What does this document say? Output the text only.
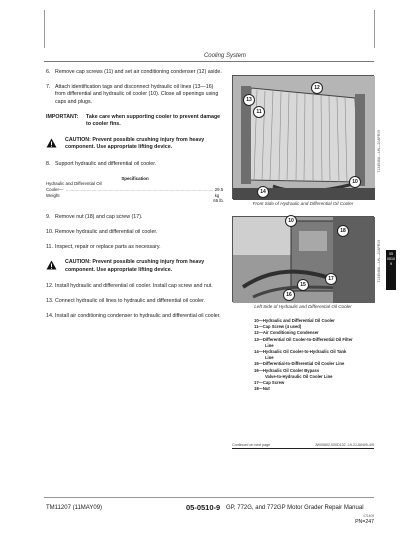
Cooling System
6. Remove cap screws (11) and set air conditioning condenser (12) aside.
7. Attach identification tags and disconnect hydraulic oil lines (13—16) from differential and hydraulic oil cooler (10). Close all openings using caps and plugs.
IMPORTANT:	Take care when supporting cooler to prevent damage to cooler fins.
CAUTION: Prevent possible crushing injury from heavy component. Use appropriate lifting device.
8. Support hydraulic and differential oil cooler.
Specification
Hydraulic and Differential Oil
Cooler—Weight
.......................................................................................................................... 29.5 kg
65 lb.
9. Remove nut (18) and cap screw (17).
10. Remove hydraulic and differential oil cooler.
11. Inspect, repair or replace parts as necessary.
CAUTION: Prevent possible crushing injury from heavy component. Use appropriate lifting device.
12. Install hydraulic and differential oil cooler. Install cap screw and nut.
13. Connect hydraulic oil lines to hydraulic and differential oil cooler.
14. Install air conditioning condenser to hydraulic and differential oil cooler.
12
13
11
10
14
T134546A —UN—20APR09
Front Side of Hydraulic and Differential Oil Cooler
10
18
17
15
16
T134548A —UN—20APR09
Left Side of Hydraulic and Differential Oil Cooler
05
0510
9
10—Hydraulic and Differential Oil Cooler
11—Cap Screw (4 used)
12—Air Conditioning Condenser
13—Differential Oil Cooler-to-Differential Oil Filter
Line
14—Hydraulic Oil Cooler-to-Hydraulic Oil Tank
Line
15—Differential-to-Differential Oil Cooler Line
16—Hydraulic Oil Cooler Bypass
Valve-to-Hydraulic Oil Cooler Line
17—Cap Screw
18—Nut
Continued on next page	JW00602,000D132 -19-21JAN09-4/5
TM11207 (11MAY09)	05-0510-9 GP, 772G, and 772GP Motor Grader Repair Manual
071409
PN=247
